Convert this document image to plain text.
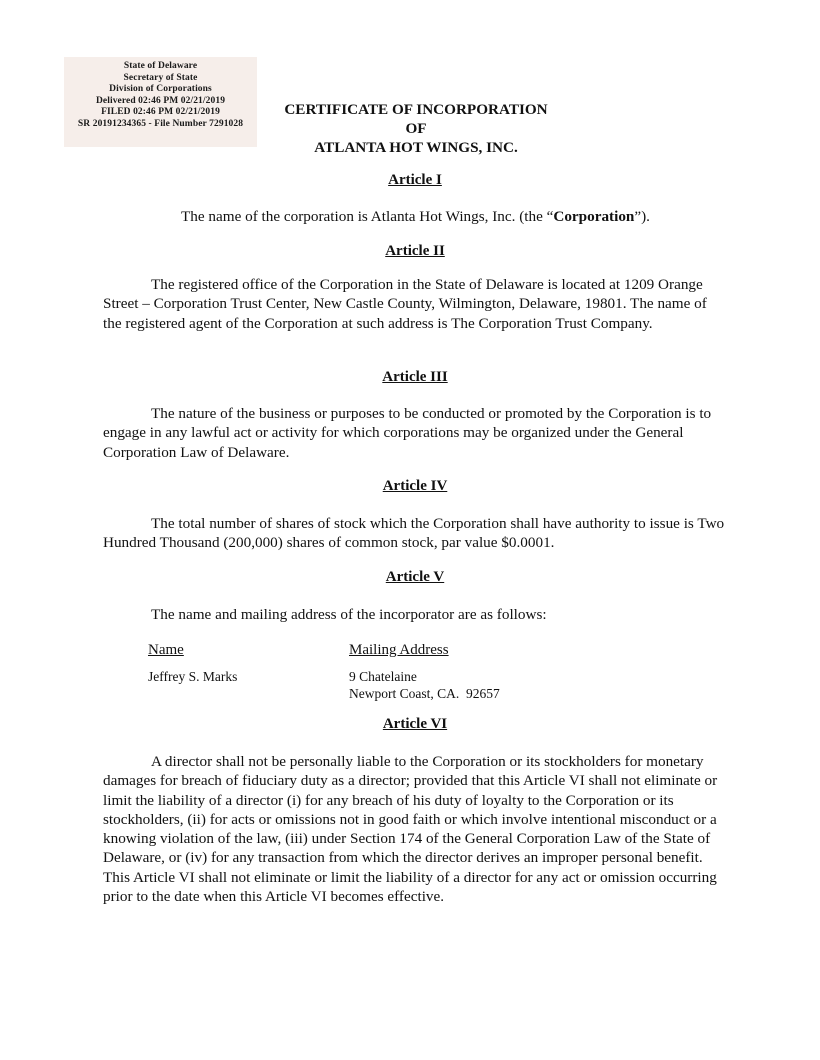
State of Delaware
Secretary of State
Division of Corporations
Delivered 02:46 PM 02/21/2019
FILED 02:46 PM 02/21/2019
SR 20191234365 - File Number 7291028
CERTIFICATE OF INCORPORATION
OF
ATLANTA HOT WINGS, INC.
Article I

The name of the corporation is Atlanta Hot Wings, Inc. (the “Corporation”).

Article II

The registered office of the Corporation in the State of Delaware is located at 1209 Orange Street – Corporation Trust Center, New Castle County, Wilmington, Delaware, 19801. The name of the registered agent of the Corporation at such address is The Corporation Trust Company.

Article III

The nature of the business or purposes to be conducted or promoted by the Corporation is to engage in any lawful act or activity for which corporations may be organized under the General Corporation Law of Delaware.

Article IV

The total number of shares of stock which the Corporation shall have authority to issue is Two Hundred Thousand (200,000) shares of common stock, par value $0.0001.

Article V

The name and mailing address of the incorporator are as follows:

Name	Mailing Address
Jeffrey S. Marks	9 Chatelaine
Newport Coast, CA.  92657
Article VI

A director shall not be personally liable to the Corporation or its stockholders for monetary damages for breach of fiduciary duty as a director; provided that this Article VI shall not eliminate or limit the liability of a director (i) for any breach of his duty of loyalty to the Corporation or its stockholders, (ii) for acts or omissions not in good faith or which involve intentional misconduct or a knowing violation of the law, (iii) under Section 174 of the General Corporation Law of the State of Delaware, or (iv) for any transaction from which the director derives an improper personal benefit. This Article VI shall not eliminate or limit the liability of a director for any act or omission occurring prior to the date when this Article VI becomes effective.
